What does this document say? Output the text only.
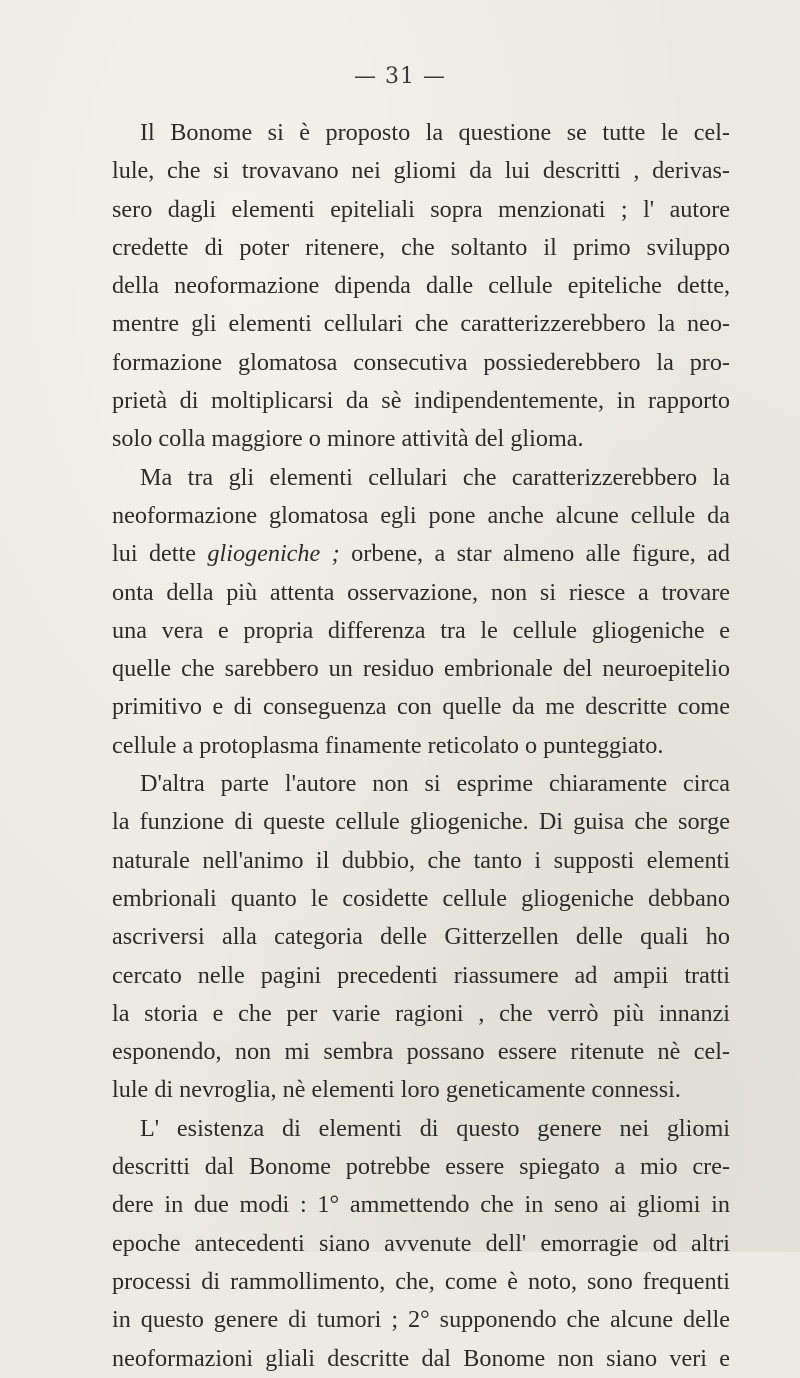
— 31 —

Il Bonome si è proposto la questione se tutte le cel-
lule, che si trovavano nei gliomi da lui descritti , derivas-
sero dagli elementi epiteliali sopra menzionati ; l' autore
credette di poter ritenere, che soltanto il primo sviluppo
della neoformazione dipenda dalle cellule epiteliche dette,
mentre gli elementi cellulari che caratterizzerebbero la neo-
formazione glomatosa consecutiva possiederebbero la pro-
prietà di moltiplicarsi da sè indipendentemente, in rapporto
solo colla maggiore o minore attività del glioma.

Ma tra gli elementi cellulari che caratterizzerebbero la
neoformazione glomatosa egli pone anche alcune cellule da
lui dette gliogeniche ; orbene, a star almeno alle figure, ad
onta della più attenta osservazione, non si riesce a trovare
una vera e propria differenza tra le cellule gliogeniche e
quelle che sarebbero un residuo embrionale del neuroepitelio
primitivo e di conseguenza con quelle da me descritte come
cellule a protoplasma finamente reticolato o punteggiato.

D'altra parte l'autore non si esprime chiaramente circa
la funzione di queste cellule gliogeniche. Di guisa che sorge
naturale nell'animo il dubbio, che tanto i supposti elementi
embrionali quanto le cosidette cellule gliogeniche debbano
ascriversi alla categoria delle Gitterzellen delle quali ho
cercato nelle pagini precedenti riassumere ad ampii tratti
la storia e che per varie ragioni , che verrò più innanzi
esponendo, non mi sembra possano essere ritenute nè cel-
lule di nevroglia, nè elementi loro geneticamente connessi.

L' esistenza di elementi di questo genere nei gliomi
descritti dal Bonome potrebbe essere spiegato a mio cre-
dere in due modi : 1° ammettendo che in seno ai gliomi in
epoche antecedenti siano avvenute dell' emorragie od altri
processi di rammollimento, che, come è noto, sono frequenti
in questo genere di tumori ; 2° supponendo che alcune delle
neoformazioni gliali descritte dal Bonome non siano veri e
